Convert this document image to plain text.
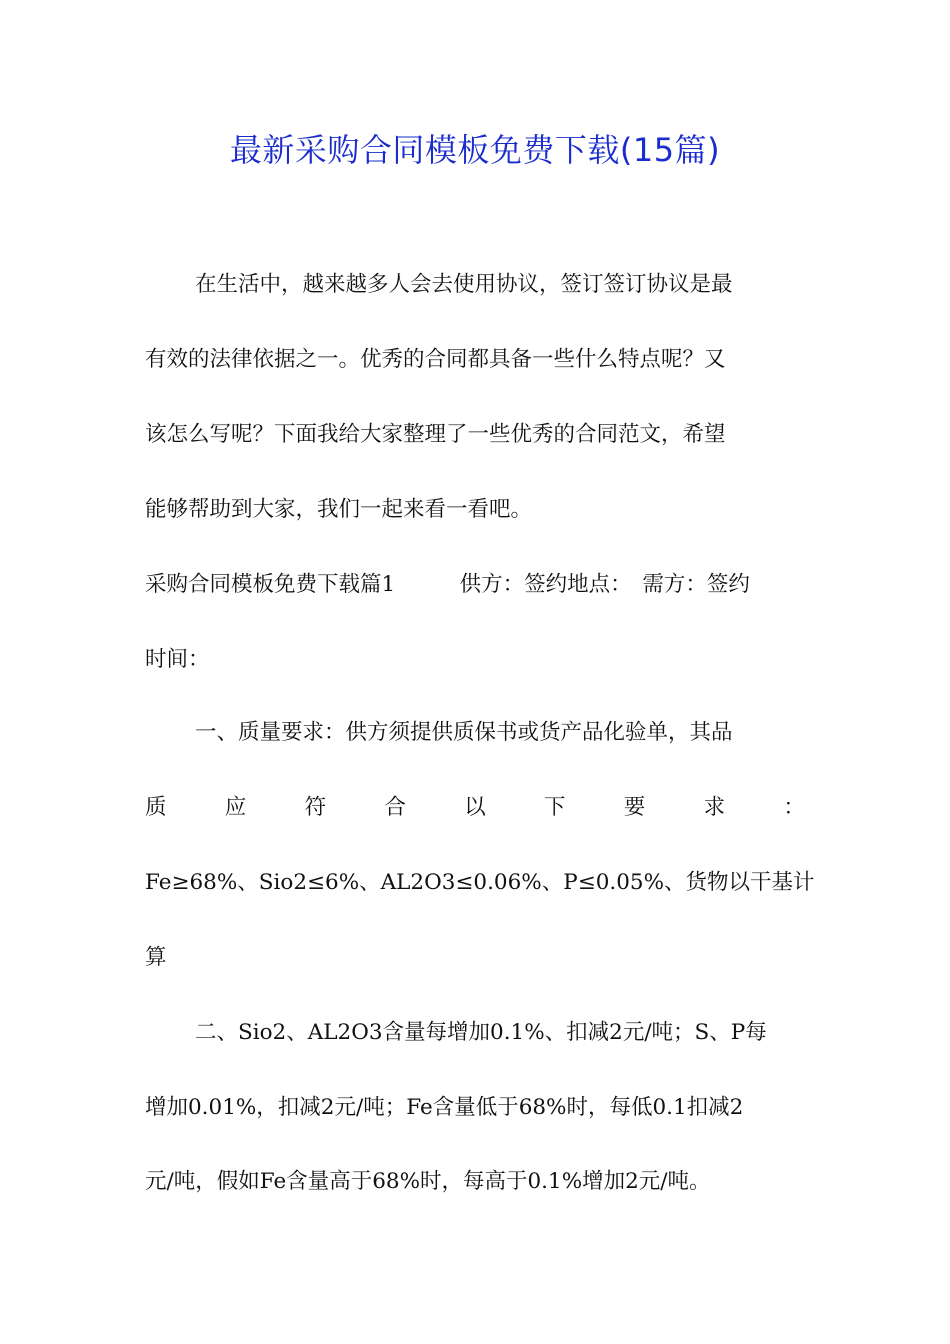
最新采购合同模板免费下载(15篇)
在生活中，越来越多人会去使用协议，签订签订协议是最
有效的法律依据之一。优秀的合同都具备一些什么特点呢？又
该怎么写呢？下面我给大家整理了一些优秀的合同范文，希望
能够帮助到大家，我们一起来看一看吧。
采购合同模板免费下载篇1　　　供方：签约地点：　需方：签约
时间：
一、质量要求：供方须提供质保书或货产品化验单，其品
质	应	符	合	以	下	要	求	：
Fe≥68%、Sio2≤6%、AL2O3≤0.06%、P≤0.05%、货物以干基计
算
二、Sio2、AL2O3含量每增加0.1%、扣减2元/吨；S、P每
增加0.01%，扣减2元/吨；Fe含量低于68%时，每低0.1扣减2
元/吨，假如Fe含量高于68%时，每高于0.1%增加2元/吨。
